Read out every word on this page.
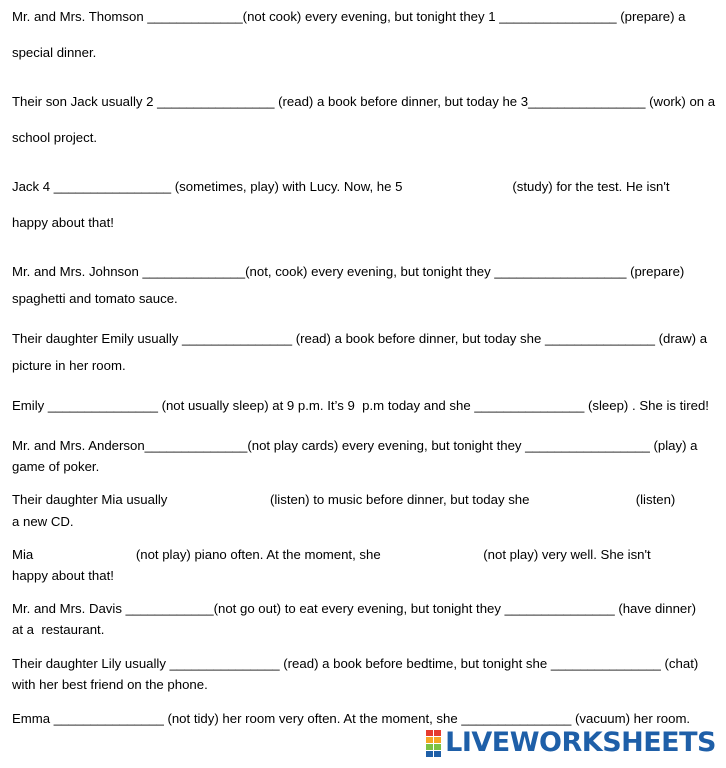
Mr. and Mrs. Thomson _____________(not cook) every evening, but tonight they 1 ________________ (prepare) a
special dinner.
Their son Jack usually 2 ________________ (read) a book before dinner, but today he 3________________ (work) on a
school project.
Jack 4 ________________ (sometimes, play) with Lucy. Now, he 5                              (study) for the test. He isn't
happy about that!
Mr. and Mrs. Johnson ______________(not, cook) every evening, but tonight they __________________ (prepare)
spaghetti and tomato sauce.
Their daughter Emily usually _______________ (read) a book before dinner, but today she _______________ (draw) a
picture in her room.
Emily _______________ (not usually sleep) at 9 p.m. It’s 9  p.m today and she _______________ (sleep) . She is tired!
Mr. and Mrs. Anderson______________(not play cards) every evening, but tonight they _________________ (play) a
game of poker.
Their daughter Mia usually                            (listen) to music before dinner, but today she                             (listen)
a new CD.
Mia                            (not play) piano often. At the moment, she                            (not play) very well. She isn't
happy about that!
Mr. and Mrs. Davis ____________(not go out) to eat every evening, but tonight they _______________ (have dinner)
at a  restaurant.
Their daughter Lily usually _______________ (read) a book before bedtime, but tonight she _______________ (chat)
with her best friend on the phone.
Emma _______________ (not tidy) her room very often. At the moment, she _______________ (vacuum) her room.
LIVEWORKSHEETS
